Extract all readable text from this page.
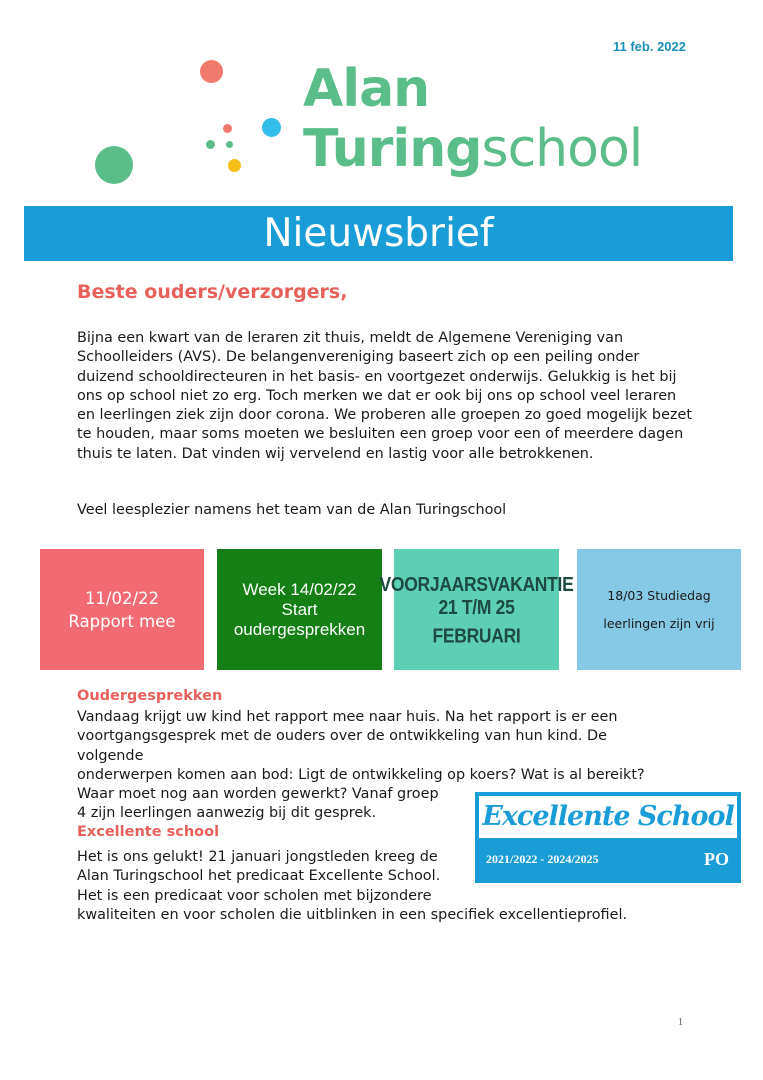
11 feb. 2022
Alan
Turingschool
Nieuwsbrief
Beste ouders/verzorgers,

Bijna een kwart van de leraren zit thuis, meldt de Algemene Vereniging van Schoolleiders (AVS). De belangenvereniging baseert zich op een peiling onder duizend schooldirecteuren in het basis- en voortgezet onderwijs. Gelukkig is het bij ons op school niet zo erg. Toch merken we dat er ook bij ons op school veel leraren en leerlingen ziek zijn door corona. We proberen alle groepen zo goed mogelijk bezet te houden, maar soms moeten we besluiten een groep voor een of meerdere dagen thuis te laten. Dat vinden wij vervelend en lastig voor alle betrokkenen.

Veel leesplezier namens het team van de Alan Turingschool

11/02/22
Rapport mee
Week 14/02/22
Start
oudergesprekken
VOORJAARSVAKANTIE
21 T/M 25 FEBRUARI
18/03 Studiedag
leerlingen zijn vrij
Oudergesprekken
Vandaag krijgt uw kind het rapport mee naar huis. Na het rapport is er een
voortgangsgesprek met de ouders over de ontwikkeling van hun kind. De volgende
onderwerpen komen aan bod: Ligt de ontwikkeling op koers? Wat is al bereikt?
Waar moet nog aan worden gewerkt? Vanaf groep
4 zijn leerlingen aanwezig bij dit gesprek.	Excellente School
2021/2022 - 2024/2025	PO
Excellente school
Het is ons gelukt! 21 januari jongstleden kreeg de
Alan Turingschool het predicaat Excellente School.
Het is een predicaat voor scholen met bijzondere
kwaliteiten en voor scholen die uitblinken in een specifiek excellentieprofiel.
1
